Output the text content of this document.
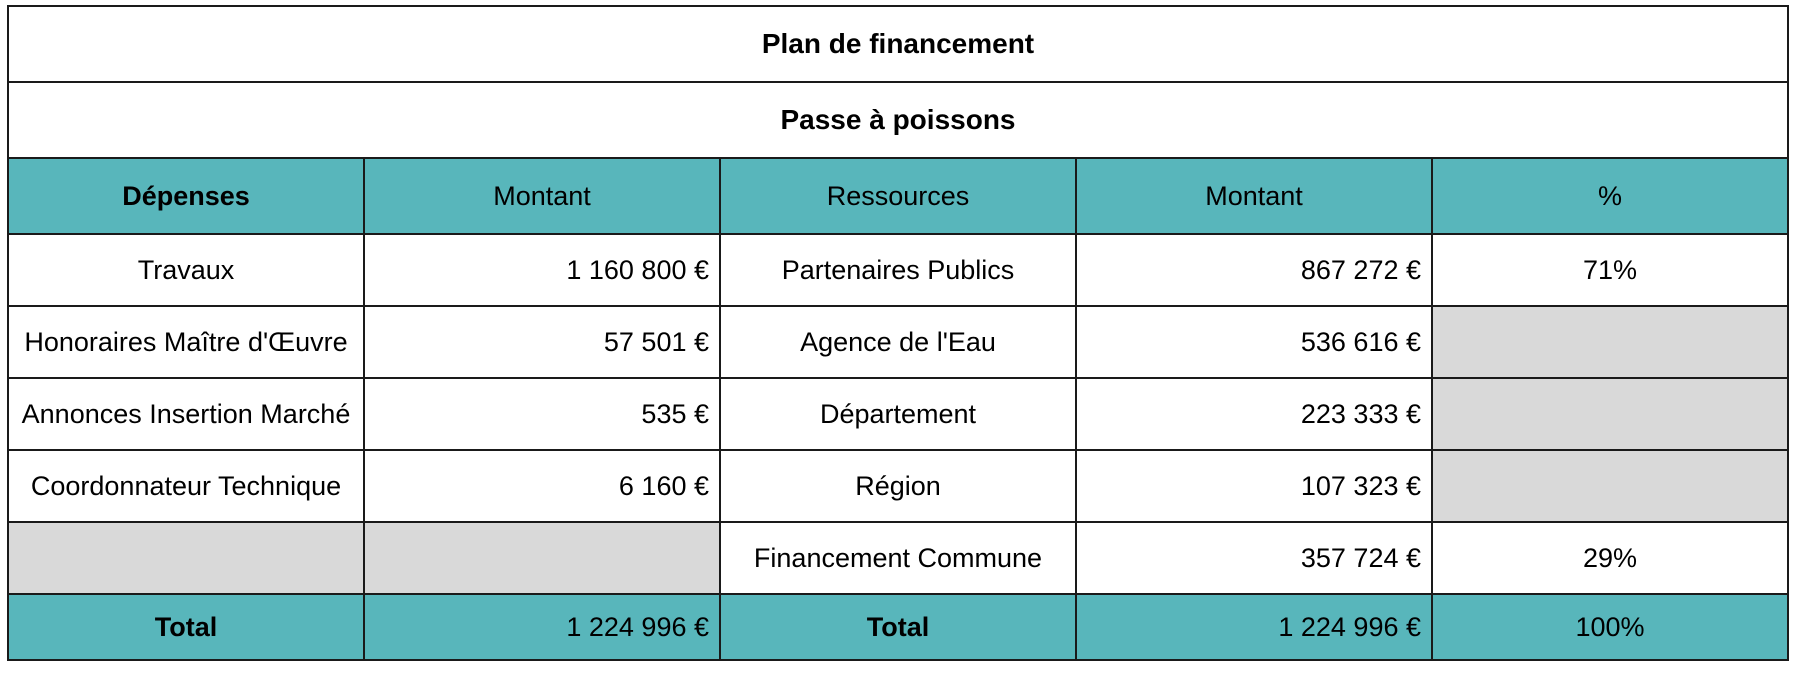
Plan de financement				
Passe à poissons				
Dépenses	Montant	Ressources	Montant	%
Travaux	1 160 800 €	Partenaires Publics	867 272 €	71%
Honoraires Maître d'Œuvre	57 501 €	Agence de l'Eau	536 616 €	
Annonces Insertion Marché	535 €	Département	223 333 €	
Coordonnateur Technique	6 160 €	Région	107 323 €	
		Financement Commune	357 724 €	29%
Total	1 224 996 €	Total	1 224 996 €	100%
